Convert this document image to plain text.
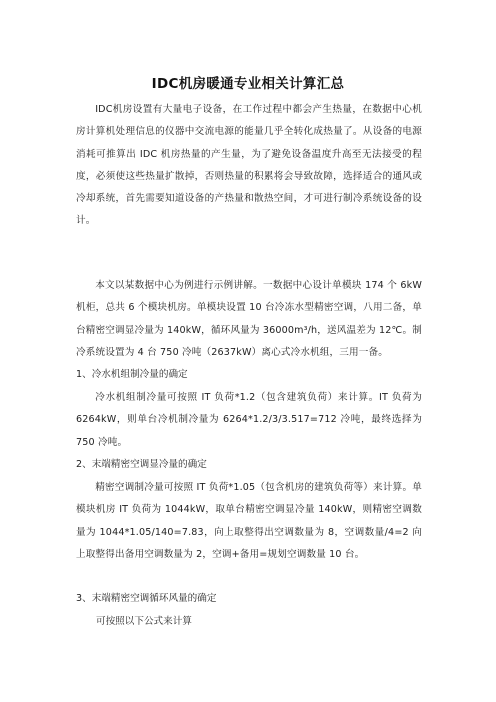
IDC机房暖通专业相关计算汇总
IDC机房设置有大量电子设备，在工作过程中都会产生热量，在数据中心机房计算机处理信息的仪器中交流电源的能量几乎全转化成热量了。从设备的电源消耗可推算出 IDC 机房热量的产生量，为了避免设备温度升高至无法接受的程度，必须使这些热量扩散掉，否则热量的积累将会导致故障，选择适合的通风或冷却系统，首先需要知道设备的产热量和散热空间，才可进行制冷系统设备的设计。
本文以某数据中心为例进行示例讲解。一数据中心设计单模块 174 个 6kW 机柜，总共 6 个模块机房。单模块设置 10 台冷冻水型精密空调，八用二备，单台精密空调显冷量为 140kW，循环风量为 36000m³/h，送风温差为 12℃。制冷系统设置为 4 台 750 冷吨（2637kW）离心式冷水机组，三用一备。
1、冷水机组制冷量的确定
冷水机组制冷量可按照 IT 负荷*1.2（包含建筑负荷）来计算。IT 负荷为 6264kW，则单台冷机制冷量为 6264*1.2/3/3.517=712 冷吨，最终选择为 750 冷吨。
2、末端精密空调显冷量的确定
精密空调制冷量可按照 IT 负荷*1.05（包含机房的建筑负荷等）来计算。单模块机房 IT 负荷为 1044kW，取单台精密空调显冷量 140kW，则精密空调数量为 1044*1.05/140=7.83，向上取整得出空调数量为 8，空调数量/4=2 向上取整得出备用空调数量为 2，空调+备用=规划空调数量 10 台。
3、末端精密空调循环风量的确定
可按照以下公式来计算
